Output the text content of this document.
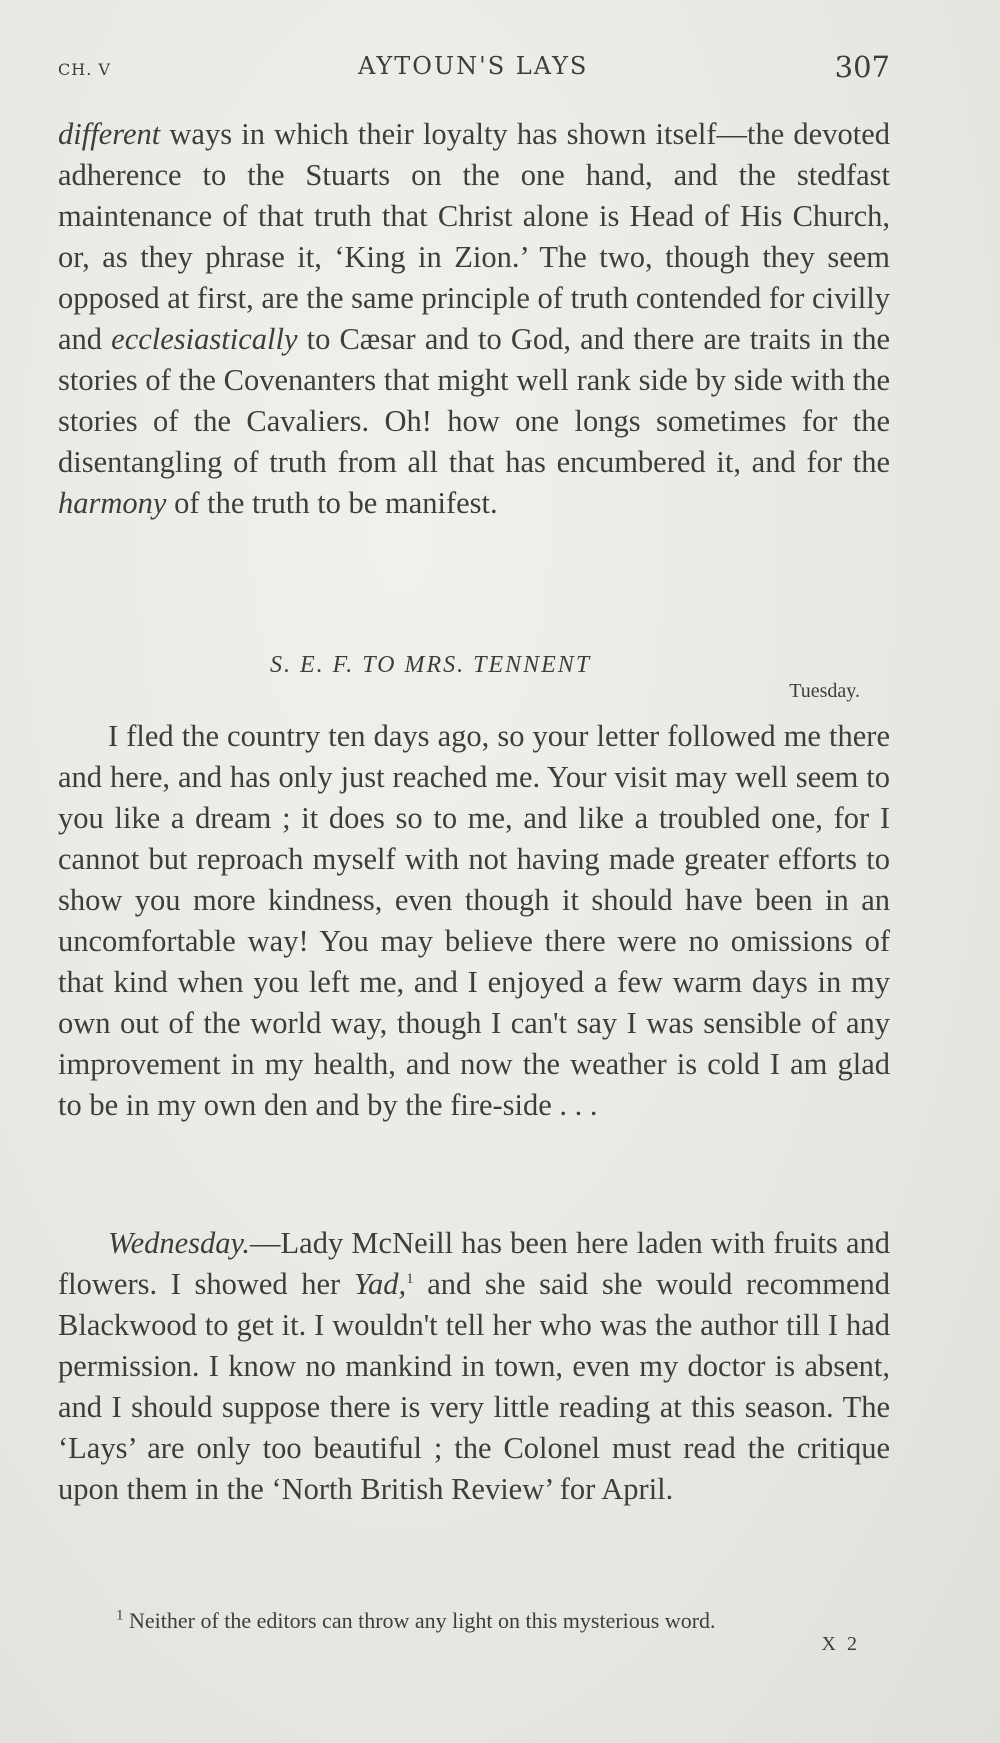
CH. V	AYTOUN'S LAYS	307

different ways in which their loyalty has shown itself—the devoted adherence to the Stuarts on the one hand, and the stedfast maintenance of that truth that Christ alone is Head of His Church, or, as they phrase it, ‘King in Zion.’ The two, though they seem opposed at first, are the same principle of truth contended for civilly and ecclesiastically to Cæsar and to God, and there are traits in the stories of the Covenanters that might well rank side by side with the stories of the Cavaliers. Oh! how one longs sometimes for the disentangling of truth from all that has encumbered it, and for the harmony of the truth to be manifest.

S. E. F. TO MRS. TENNENT
Tuesday.

I fled the country ten days ago, so your letter followed me there and here, and has only just reached me. Your visit may well seem to you like a dream ; it does so to me, and like a troubled one, for I cannot but reproach myself with not having made greater efforts to show you more kindness, even though it should have been in an uncomfortable way! You may believe there were no omissions of that kind when you left me, and I enjoyed a few warm days in my own out of the world way, though I can't say I was sensible of any improvement in my health, and now the weather is cold I am glad to be in my own den and by the fire-side . . .

Wednesday.—Lady McNeill has been here laden with fruits and flowers. I showed her Yad,$^1$ and she said she would recommend Blackwood to get it. I wouldn't tell her who was the author till I had permission. I know no mankind in town, even my doctor is absent, and I should suppose there is very little reading at this season. The ‘Lays’ are only too beautiful ; the Colonel must read the critique upon them in the ‘North British Review’ for April.

$^1$ Neither of the editors can throw any light on this mysterious word.
X 2
